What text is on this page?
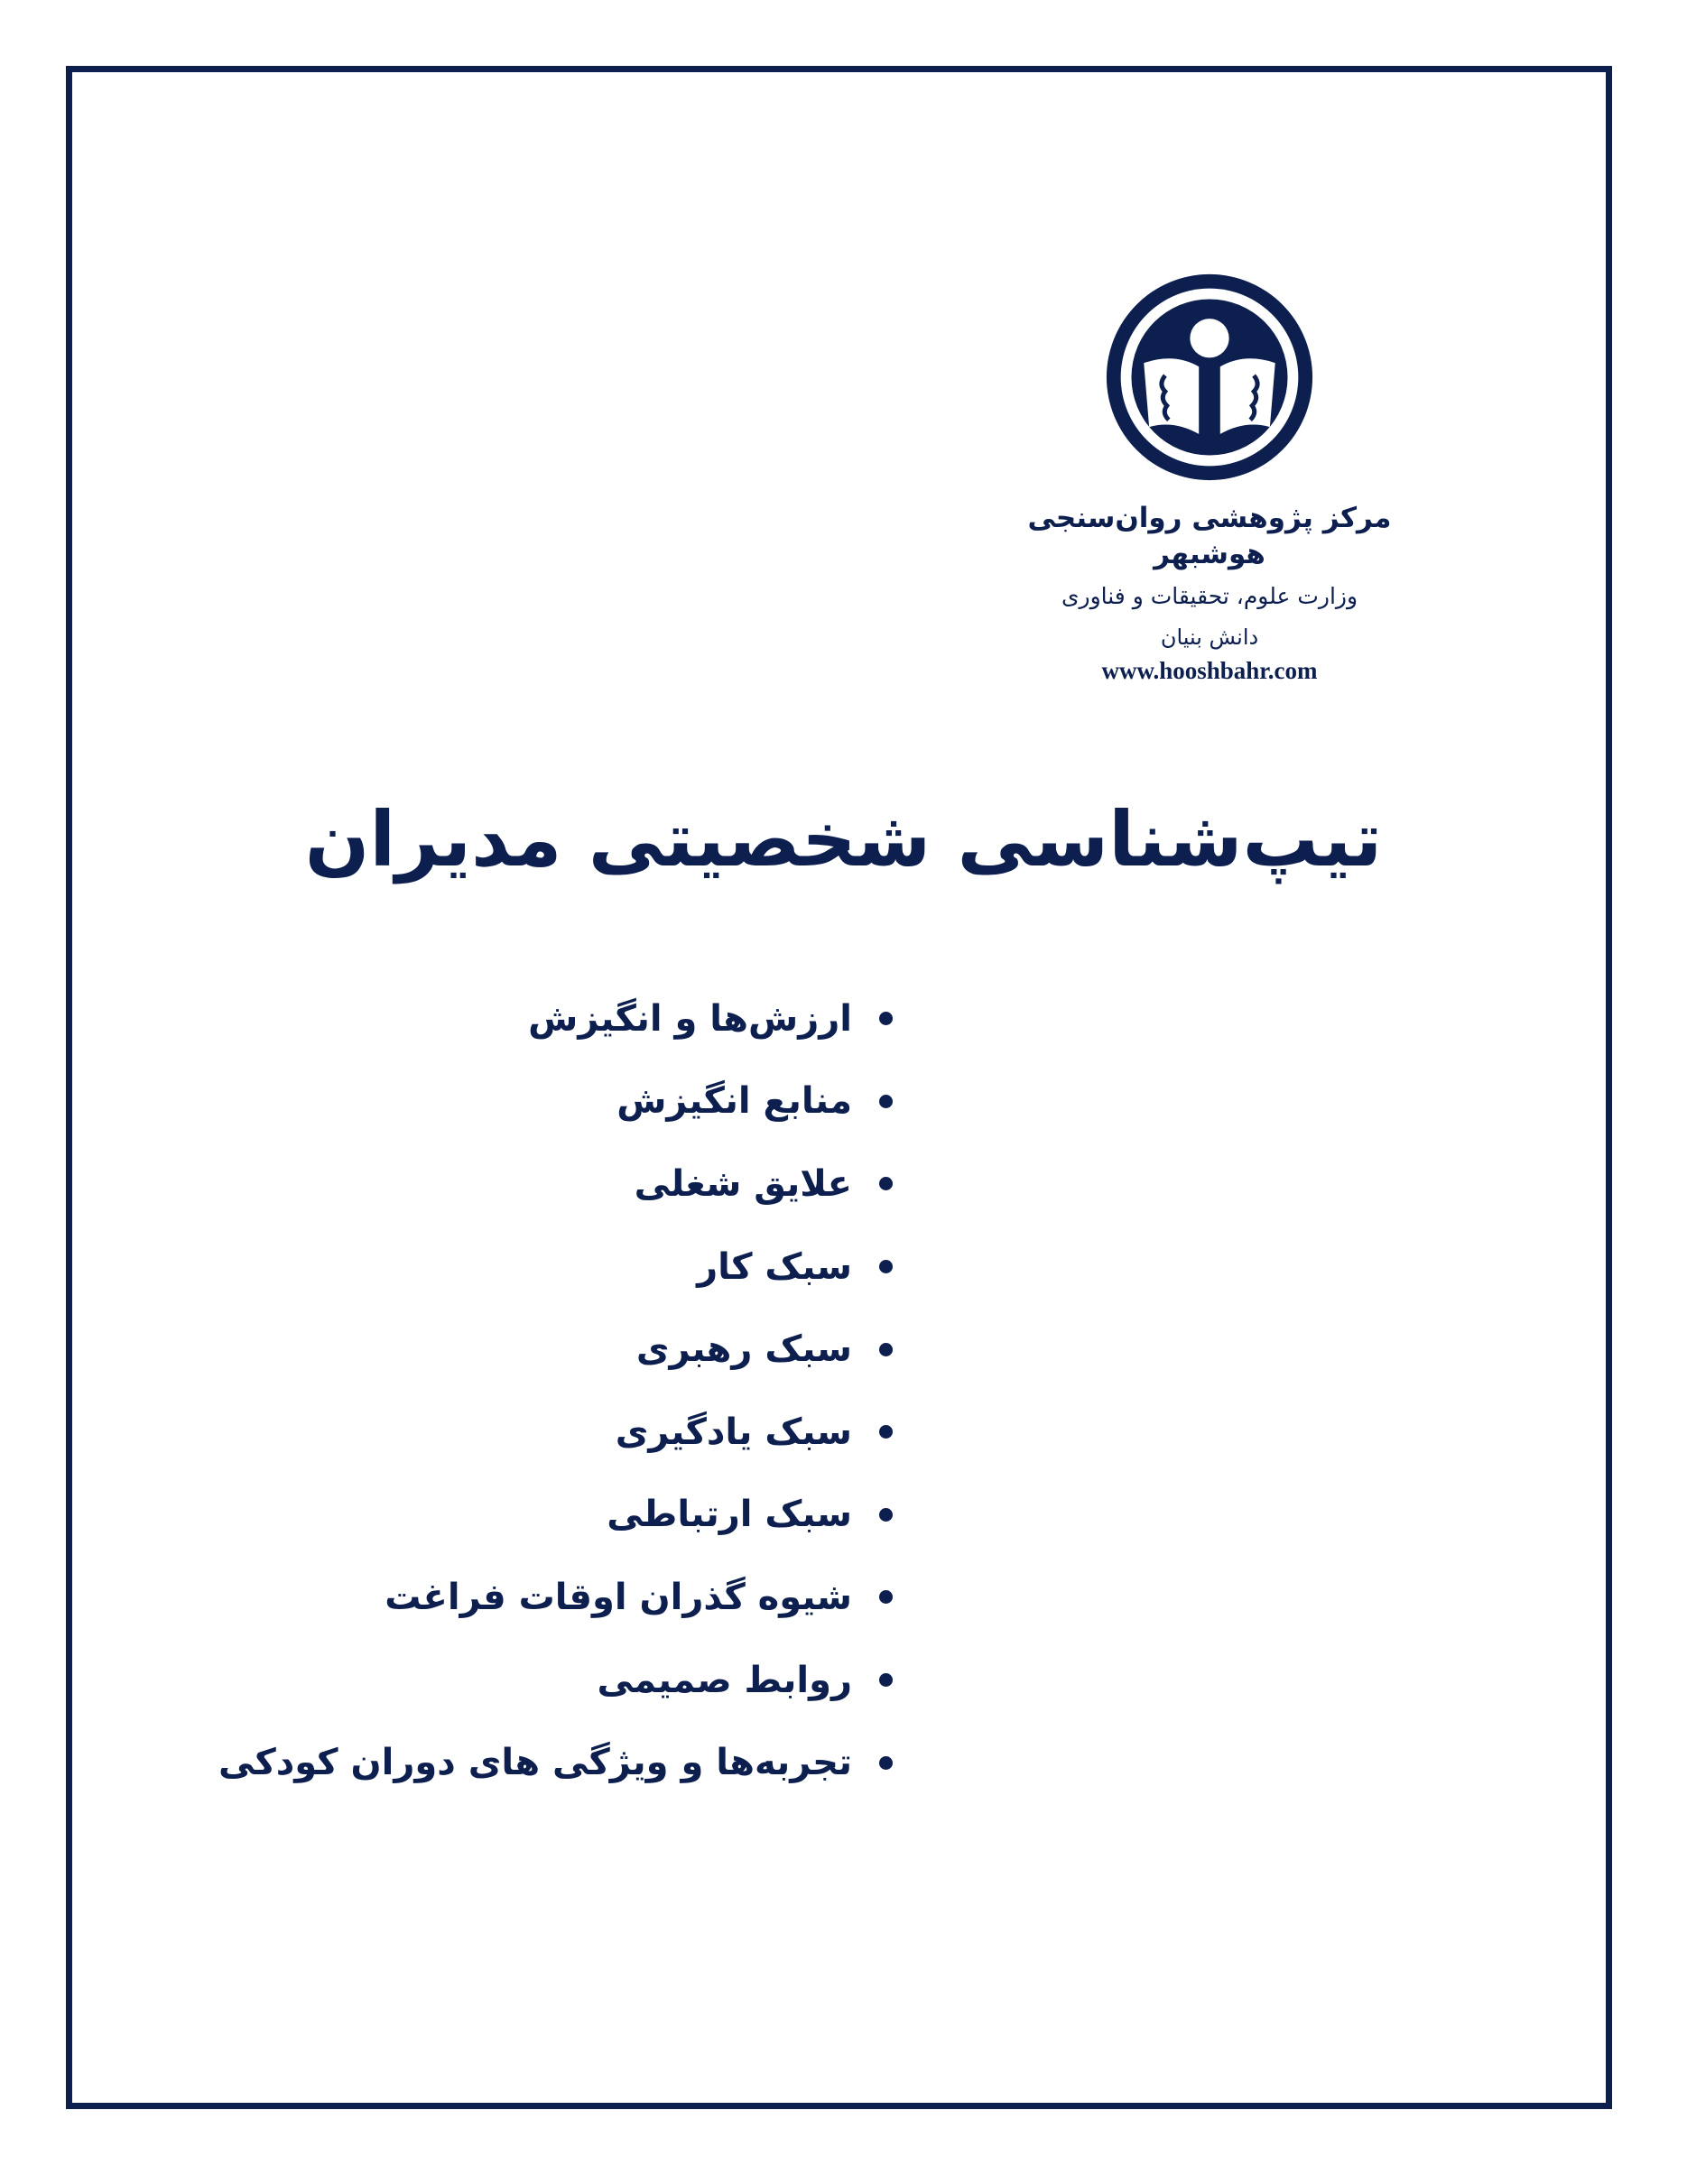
مرکز پژوهشی روان‌سنجی هوشبهر
وزارت علوم، تحقیقات و فناوری
دانش بنیان
www.hooshbahr.com
تیپ‌شناسی شخصیتی مدیران
ارزش‌ها و انگیزش
منابع انگیزش
علایق شغلی
سبک کار
سبک رهبری
سبک یادگیری
سبک ارتباطی
شیوه گذران اوقات فراغت
روابط صمیمی
تجربه‌ها و ویژگی های دوران کودکی
